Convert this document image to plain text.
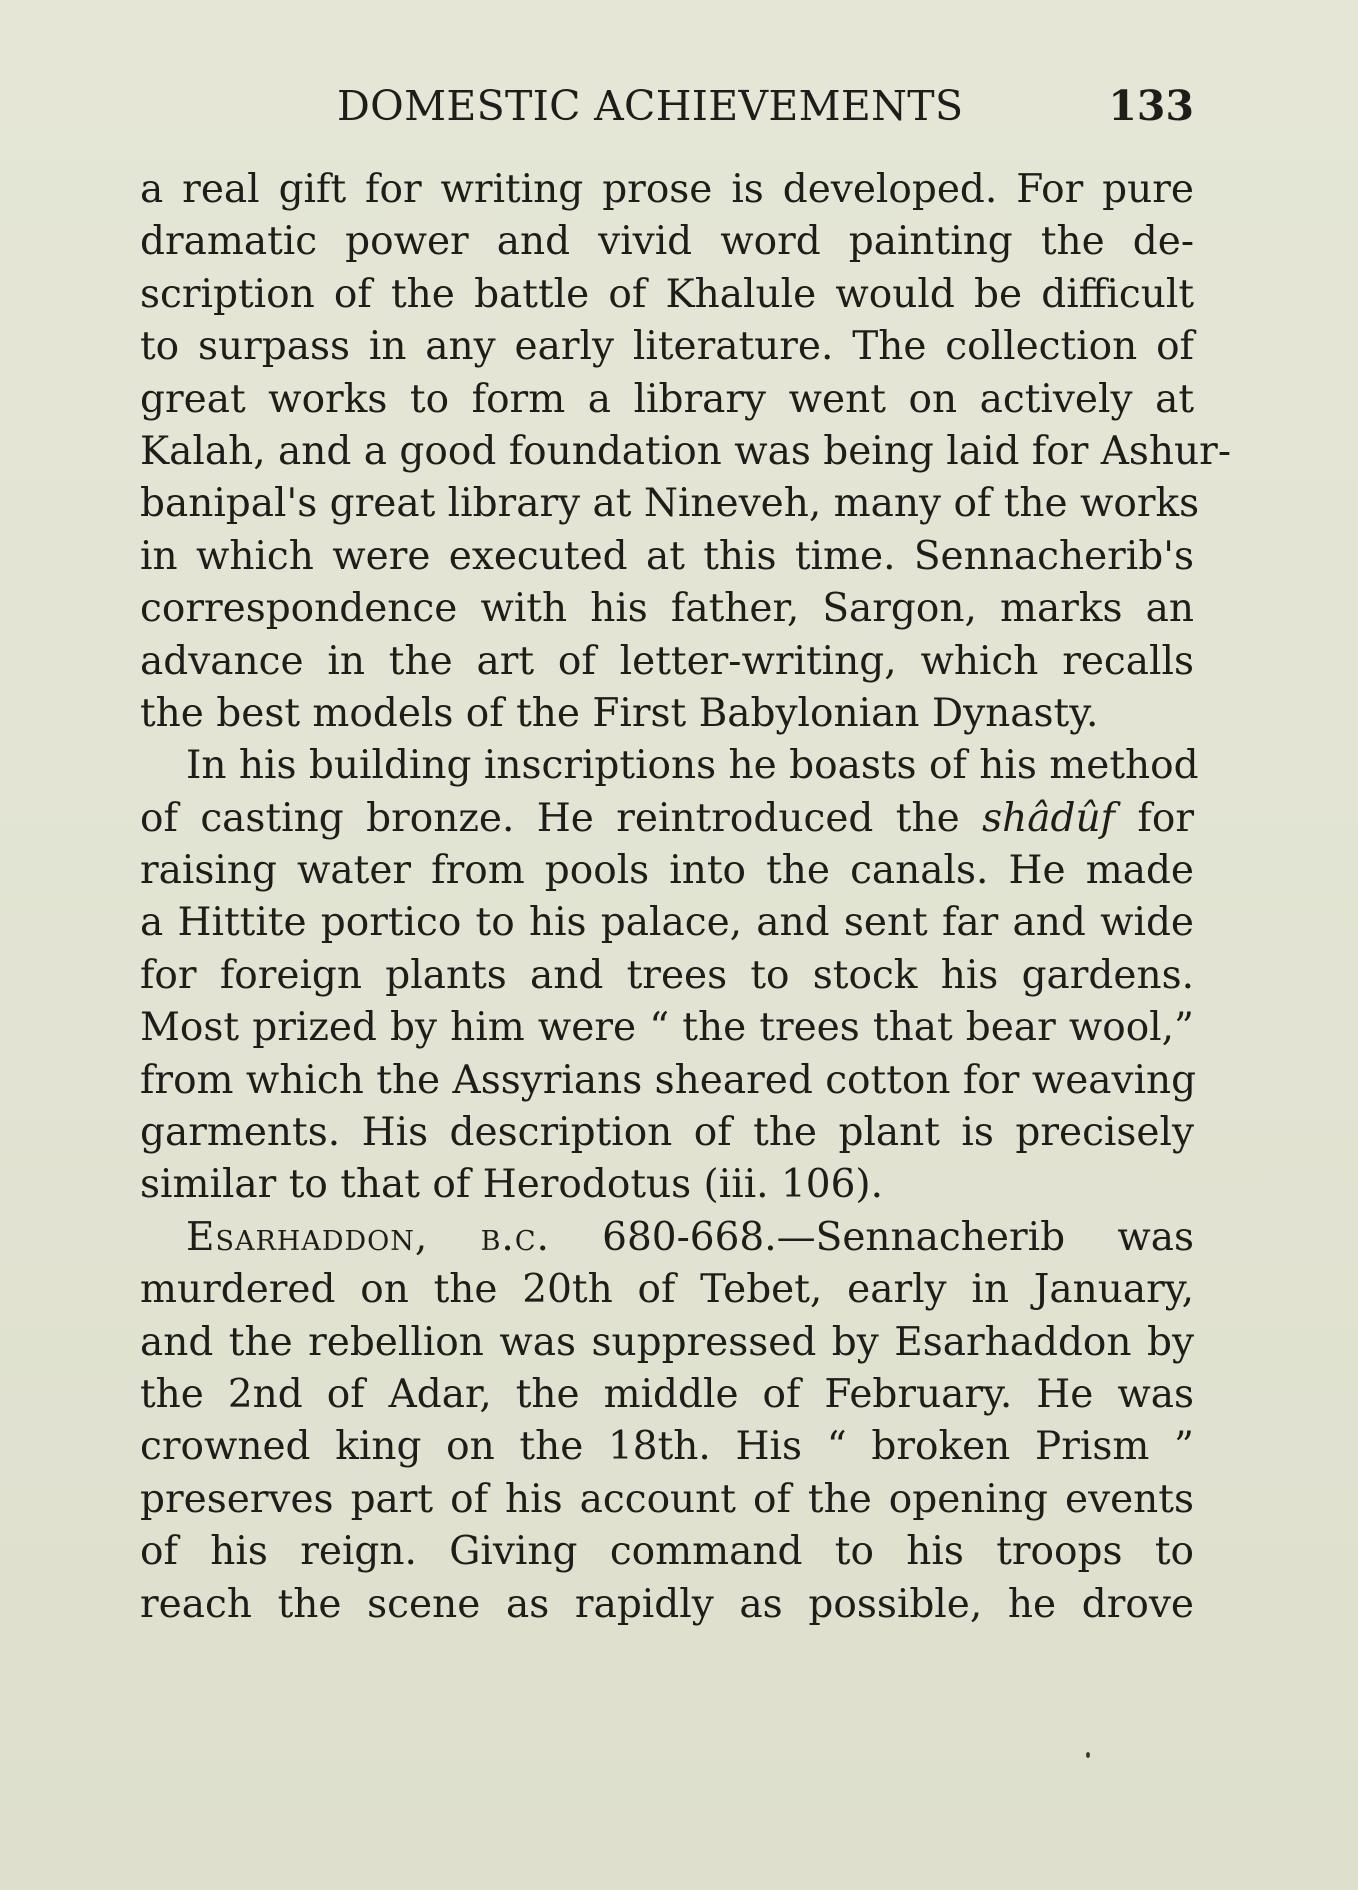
DOMESTIC ACHIEVEMENTS	133
a real gift for writing prose is developed. For pure
dramatic power and vivid word painting the de-
scription of the battle of Khalule would be difficult
to surpass in any early literature. The collection of
great works to form a library went on actively at
Kalah, and a good foundation was being laid for Ashur-
banipal's great library at Nineveh, many of the works
in which were executed at this time. Sennacherib's
correspondence with his father, Sargon, marks an
advance in the art of letter-writing, which recalls
the best models of the First Babylonian Dynasty.
In his building inscriptions he boasts of his method
of casting bronze. He reintroduced the shâdûf for
raising water from pools into the canals. He made
a Hittite portico to his palace, and sent far and wide
for foreign plants and trees to stock his gardens.
Most prized by him were “ the trees that bear wool,”
from which the Assyrians sheared cotton for weaving
garments. His description of the plant is precisely
similar to that of Herodotus (iii. 106).
Esarhaddon, b.c. 680-668.—Sennacherib was
murdered on the 20th of Tebet, early in January,
and the rebellion was suppressed by Esarhaddon by
the 2nd of Adar, the middle of February. He was
crowned king on the 18th. His “ broken Prism ”
preserves part of his account of the opening events
of his reign. Giving command to his troops to
reach the scene as rapidly as possible, he drove
